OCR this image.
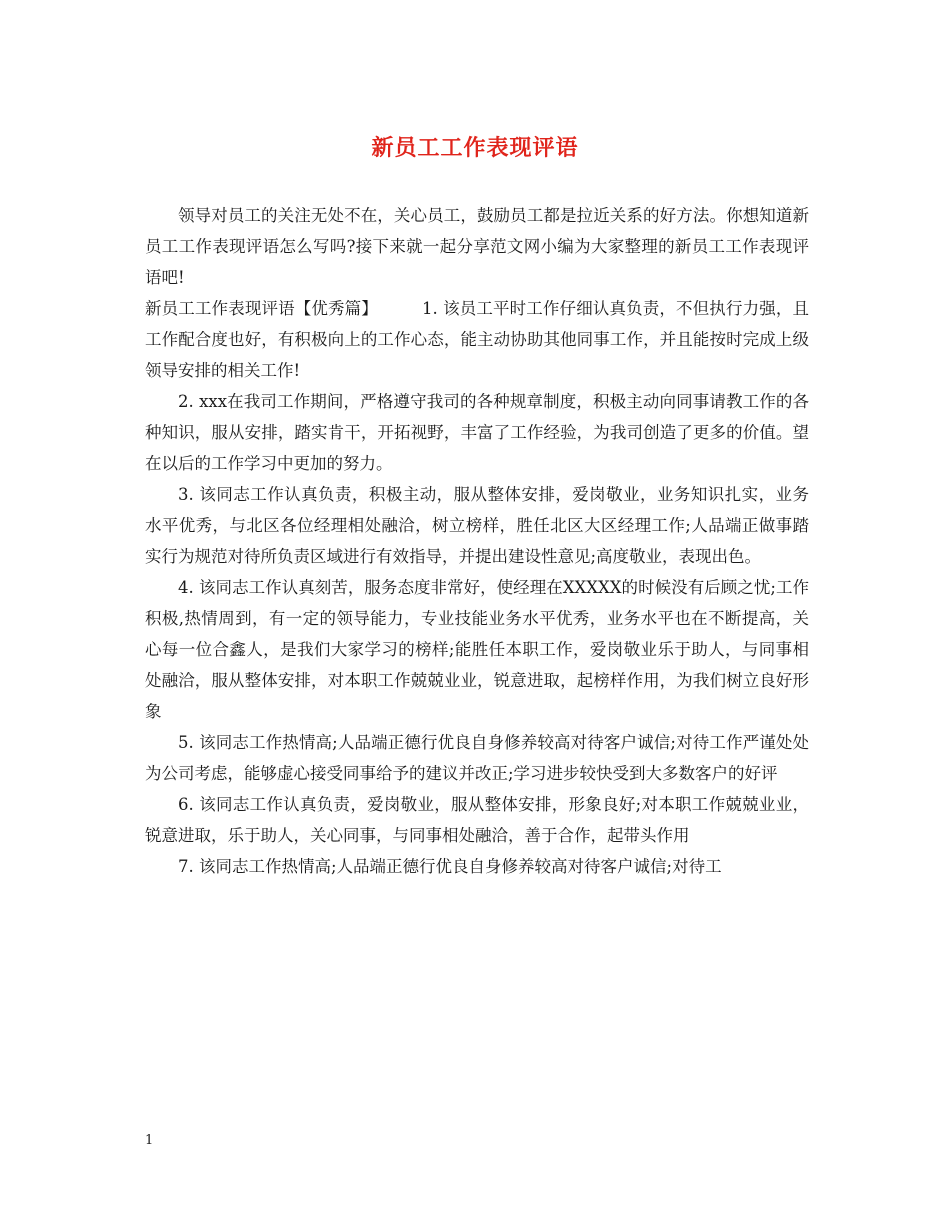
新员工工作表现评语

领导对员工的关注无处不在，关心员工，鼓励员工都是拉近关系的好方法。你想知道新员工工作表现评语怎么写吗?接下来就一起分享范文网小编为大家整理的新员工工作表现评语吧!

新员工工作表现评语【优秀篇】	1. 该员工平时工作仔细认真负责，不但执行力强，且工作配合度也好，有积极向上的工作心态，能主动协助其他同事工作，并且能按时完成上级领导安排的相关工作!

2. xxx在我司工作期间，严格遵守我司的各种规章制度，积极主动向同事请教工作的各种知识，服从安排，踏实肯干，开拓视野，丰富了工作经验，为我司创造了更多的价值。望在以后的工作学习中更加的努力。

3. 该同志工作认真负责，积极主动，服从整体安排，爱岗敬业，业务知识扎实，业务水平优秀，与北区各位经理相处融洽，树立榜样，胜任北区大区经理工作;人品端正做事踏实行为规范对待所负责区域进行有效指导，并提出建设性意见;高度敬业，表现出色。

4. 该同志工作认真刻苦，服务态度非常好，使经理在XXXXX的时候没有后顾之忧;工作积极,热情周到，有一定的领导能力，专业技能业务水平优秀，业务水平也在不断提高，关心每一位合鑫人，是我们大家学习的榜样;能胜任本职工作，爱岗敬业乐于助人，与同事相处融洽，服从整体安排，对本职工作兢兢业业，锐意进取，起榜样作用，为我们树立良好形象

5. 该同志工作热情高;人品端正德行优良自身修养较高对待客户诚信;对待工作严谨处处为公司考虑，能够虚心接受同事给予的建议并改正;学习进步较快受到大多数客户的好评

6. 该同志工作认真负责，爱岗敬业，服从整体安排，形象良好;对本职工作兢兢业业，锐意进取，乐于助人，关心同事，与同事相处融洽，善于合作，起带头作用

7. 该同志工作热情高;人品端正德行优良自身修养较高对待客户诚信;对待工

1
